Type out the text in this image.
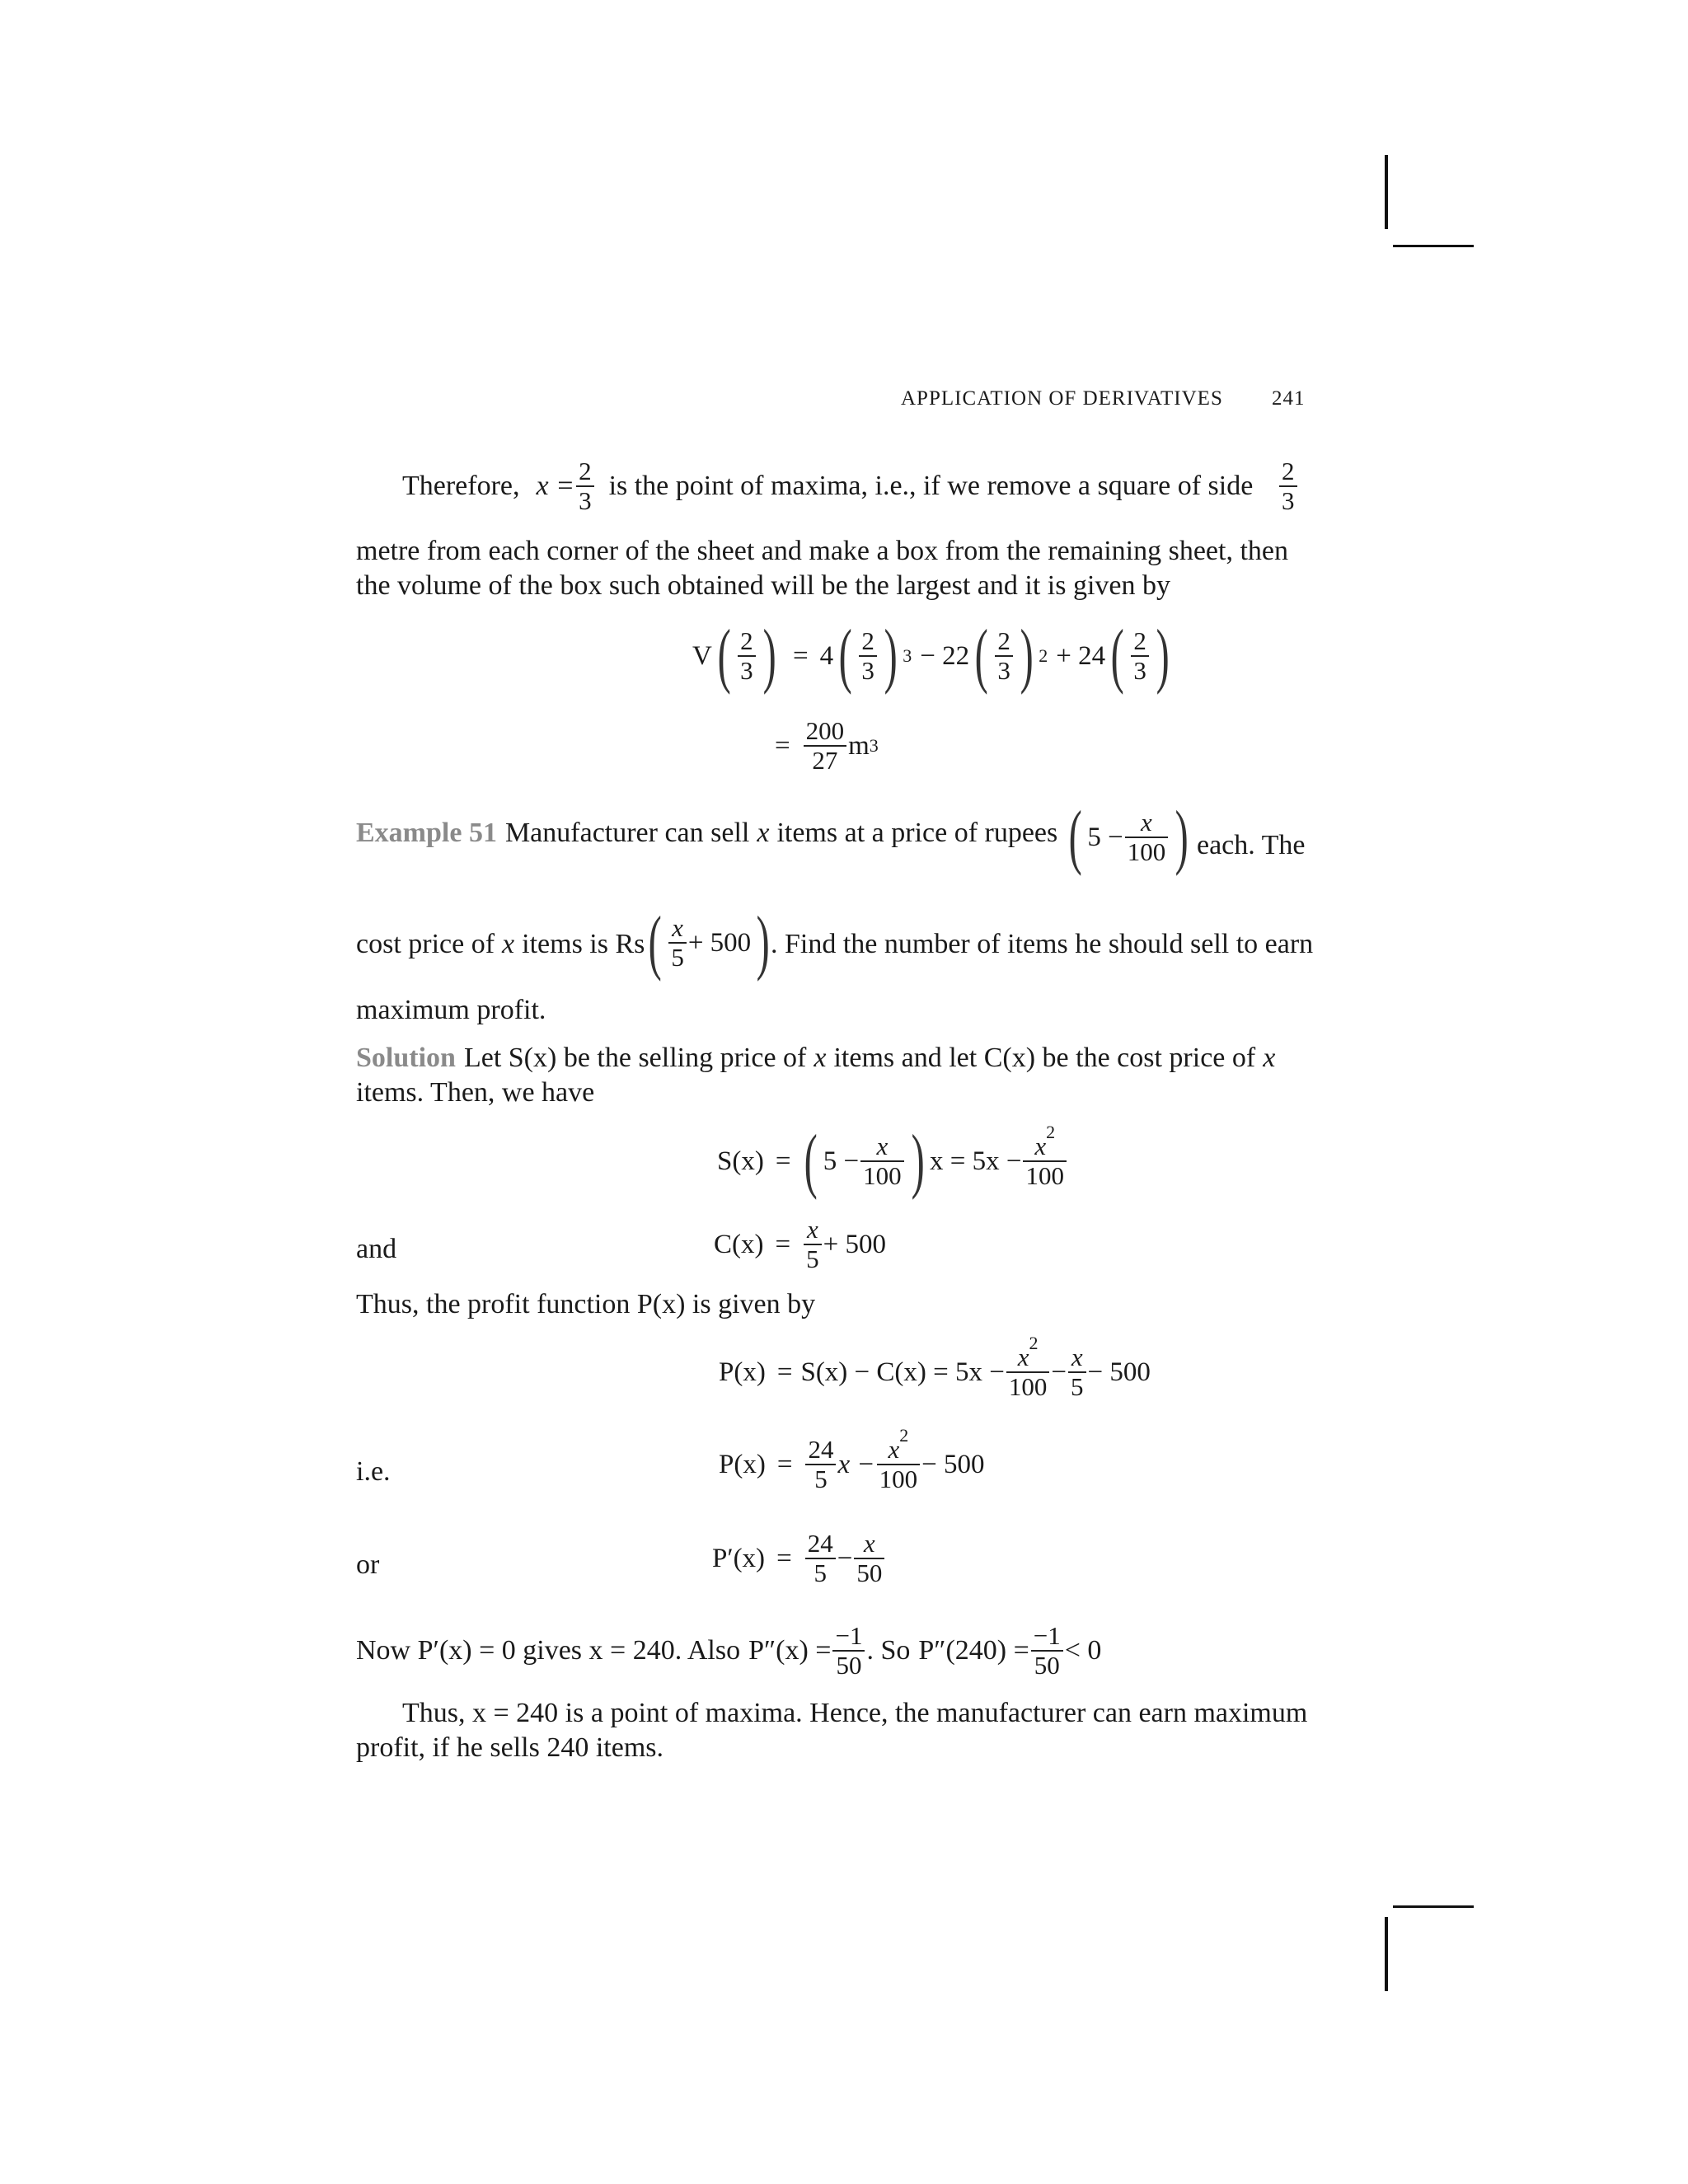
APPLICATION OF DERIVATIVES 241
Therefore, $x = \frac{2}{3}$ is the point of maxima, i.e., if we remove a square of side $\frac{2}{3}$
metre from each corner of the sheet and make a box from the remaining sheet, then
the volume of the box such obtained will be the largest and it is given by
V ( $\frac{2}{3}$ ) = 4 ( $\frac{2}{3}$ ) 3 − 22 ( $\frac{2}{3}$ ) 2 + 24 ( $\frac{2}{3}$ )
= $\frac{200}{27}$ m 3
Example 51 Manufacturer can sell x items at a price of rupees ( $5 - \frac{x}{100}$ ) each. The
cost price of x items is Rs ( $\frac{x}{5} + 500$ ) . Find the number of items he should sell to earn
maximum profit.
Solution Let S(x) be the selling price of x items and let C(x) be the cost price of x
items. Then, we have
S(x) = ( $5 - \frac{x}{100}$ ) $x = 5x - \frac{x^2}{100}$
and	$C(x) = \frac{x}{5} + 500$
Thus, the profit function P(x) is given by
$P(x) = S(x) - C(x) = 5x - \frac{x^2}{100} - \frac{x}{5} - 500$
i.e.	$P(x) = \frac{24}{5}$ $x - \frac{x^2}{100} - 500$
or	$P'(x) = \frac{24}{5} - \frac{x}{50}$
Now P′(x) = 0 gives x = 240. Also $P''(x) = \frac{-1}{50}$ . So $P''(240) = \frac{-1}{50} < 0$
Thus, x = 240 is a point of maxima. Hence, the manufacturer can earn maximum
profit, if he sells 240 items.
